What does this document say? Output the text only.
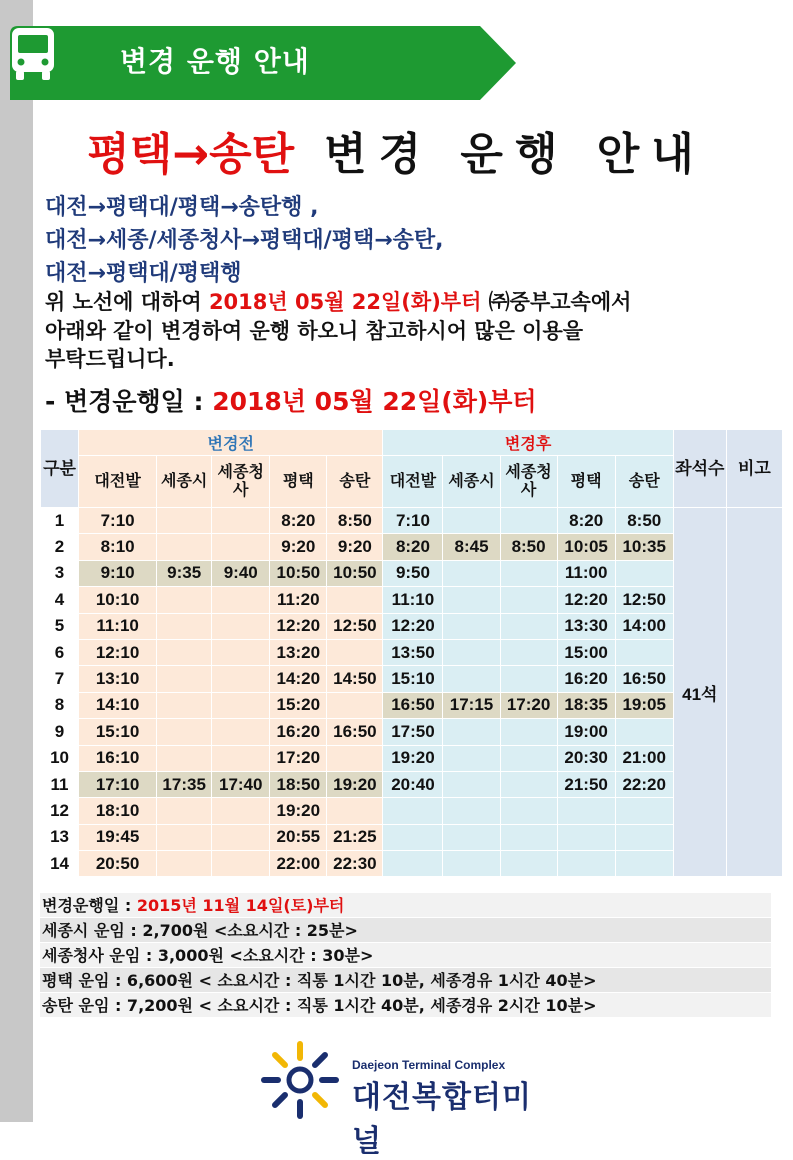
변경 운행 안내
평택→송탄 변경 운행 안내
대전→평택대/평택→송탄행 ,
대전→세종/세종청사→평택대/평택→송탄,
대전→평택대/평택행
위 노선에 대하여 2018년 05월 22일(화)부터 ㈜중부고속에서
아래와 같이 변경하여 운행 하오니 참고하시어 많은 이용을
부탁드립니다.
- 변경운행일 : 2018년 05월 22일(화)부터
구분	변경전					변경후					좌석수	비고
	대전발	세종시	세종청사	평택	송탄	대전발	세종시	세종청사	평택	송탄		
1	7:10			8:20	8:50	7:10			8:20	8:50	41석	
2	8:10			9:20	9:20	8:20	8:45	8:50	10:05	10:35		
3	9:10	9:35	9:40	10:50	10:50	9:50			11:00			
4	10:10			11:20		11:10			12:20	12:50		
5	11:10			12:20	12:50	12:20			13:30	14:00		
6	12:10			13:20		13:50			15:00			
7	13:10			14:20	14:50	15:10			16:20	16:50		
8	14:10			15:20		16:50	17:15	17:20	18:35	19:05		
9	15:10			16:20	16:50	17:50			19:00			
10	16:10			17:20		19:20			20:30	21:00		
11	17:10	17:35	17:40	18:50	19:20	20:40			21:50	22:20		
12	18:10			19:20								
13	19:45			20:55	21:25							
14	20:50			22:00	22:30							
변경운행일 : 2015년 11월 14일(토)부터
세종시 운임 : 2,700원 <소요시간 : 25분>
세종청사 운임 : 3,000원 <소요시간 : 30분>
평택 운임 : 6,600원 < 소요시간 : 직통 1시간 10분, 세종경유 1시간 40분>
송탄 운임 : 7,200원 < 소요시간 : 직통 1시간 40분, 세종경유 2시간 10분>
Daejeon Terminal Complex
대전복합터미널
